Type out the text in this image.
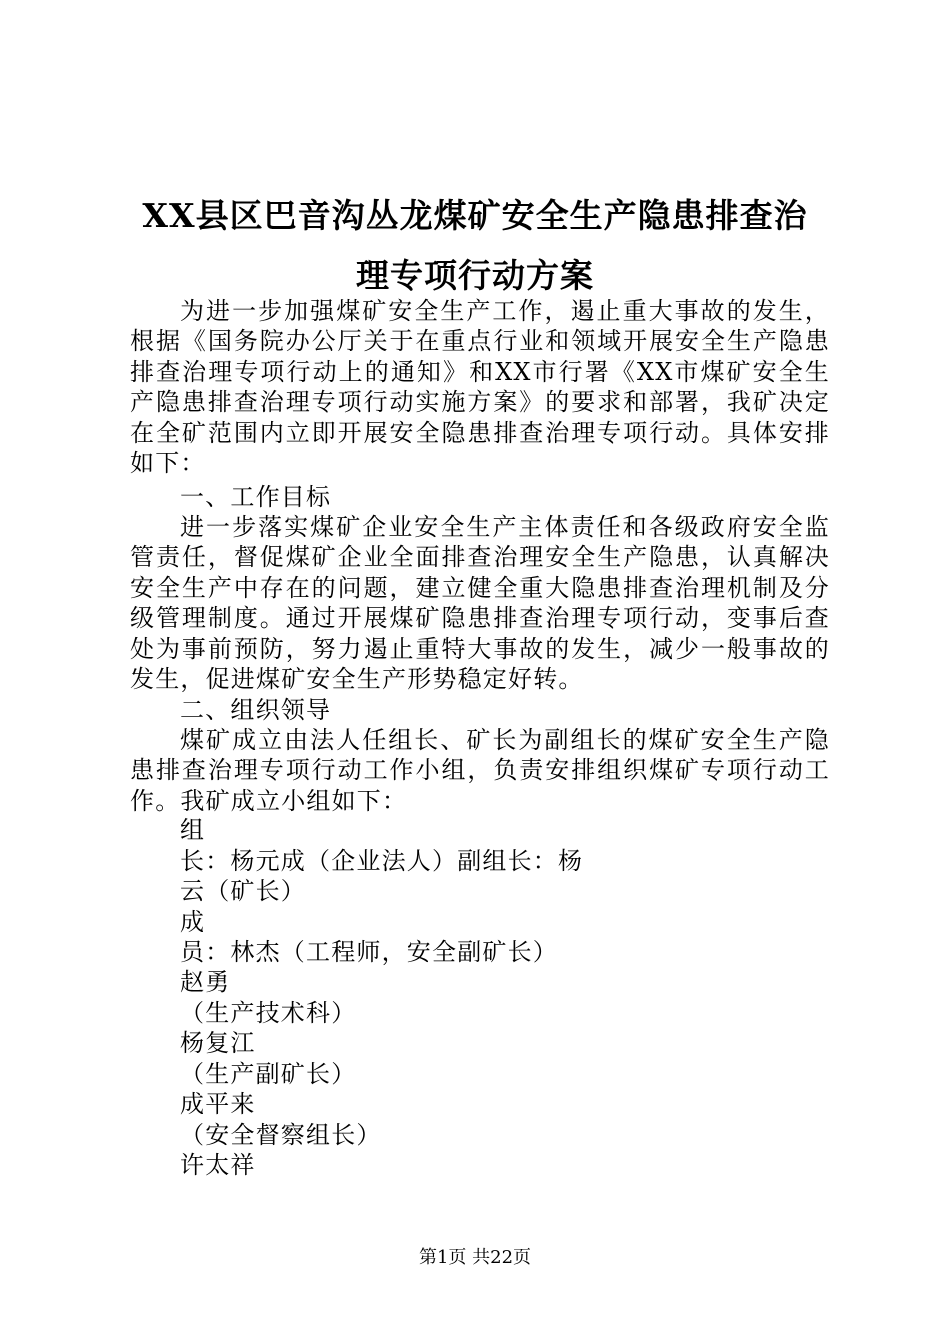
XX县区巴音沟丛龙煤矿安全生产隐患排查治
理专项行动方案

为进一步加强煤矿安全生产工作，遏止重大事故的发生，根据《国务院办公厅关于在重点行业和领域开展安全生产隐患排查治理专项行动上的通知》和XX市行署《XX市煤矿安全生产隐患排查治理专项行动实施方案》的要求和部署，我矿决定在全矿范围内立即开展安全隐患排查治理专项行动。具体安排如下：

一、工作目标

进一步落实煤矿企业安全生产主体责任和各级政府安全监管责任，督促煤矿企业全面排查治理安全生产隐患，认真解决安全生产中存在的问题，建立健全重大隐患排查治理机制及分级管理制度。通过开展煤矿隐患排查治理专项行动，变事后查处为事前预防，努力遏止重特大事故的发生，减少一般事故的发生，促进煤矿安全生产形势稳定好转。

二、组织领导

煤矿成立由法人任组长、矿长为副组长的煤矿安全生产隐患排查治理专项行动工作小组，负责安排组织煤矿专项行动工作。我矿成立小组如下：

组

长：杨元成（企业法人）副组长：杨

云（矿长）

成

员：林杰（工程师，安全副矿长）

赵勇

（生产技术科）

杨复江

（生产副矿长）

成平来

（安全督察组长）

许太祥

第1页 共22页
